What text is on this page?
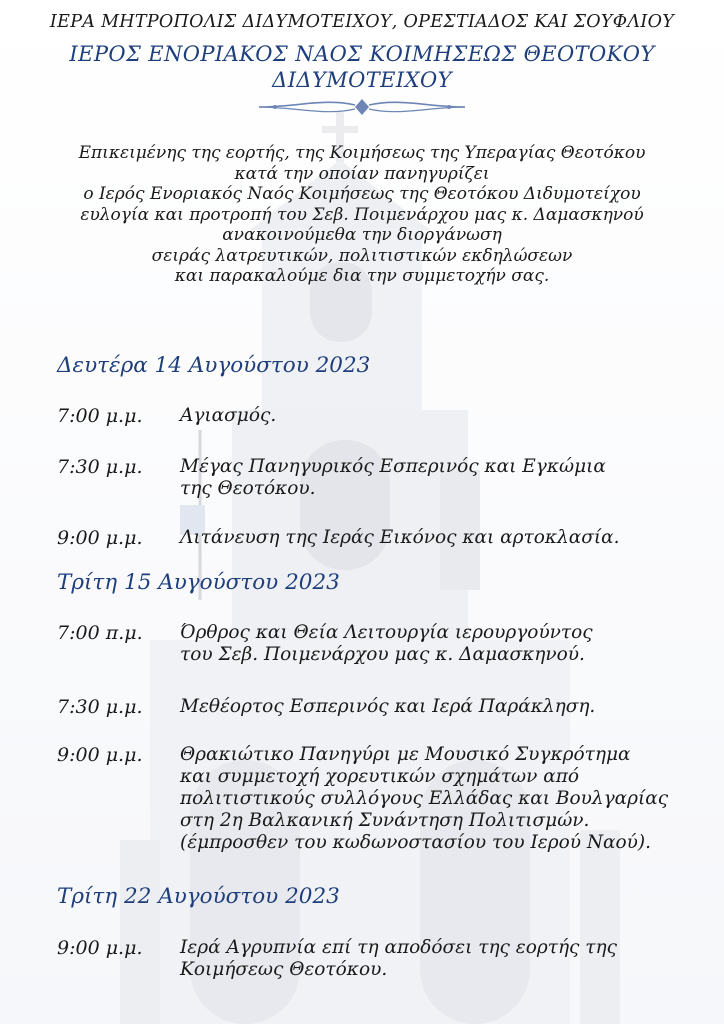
ΙΕΡΑ ΜΗΤΡΟΠΟΛΙΣ ΔΙΔΥΜΟΤΕΙΧΟΥ, ΟΡΕΣΤΙΑΔΟΣ ΚΑΙ ΣΟΥΦΛΙΟΥ
ΙΕΡΟΣ ΕΝΟΡΙΑΚΟΣ ΝΑΟΣ ΚΟΙΜΗΣΕΩΣ ΘΕΟΤΟΚΟΥ
ΔΙΔΥΜΟΤΕΙΧΟΥ
Επικειμένης της εορτής, της Κοιμήσεως της Υπεραγίας Θεοτόκου
κατά την οποίαν πανηγυρίζει
ο Ιερός Ενοριακός Ναός Κοιμήσεως της Θεοτόκου Διδυμοτείχου
ευλογία και προτροπή του Σεβ. Ποιμενάρχου μας κ. Δαμασκηνού
ανακοινούμεθα την διοργάνωση
σειράς λατρευτικών, πολιτιστικών εκδηλώσεων
και παρακαλούμε δια την συμμετοχήν σας.
Δευτέρα 14 Αυγούστου 2023
7:00 μ.μ. Αγιασμός.
7:30 μ.μ. Μέγας Πανηγυρικός Εσπερινός και Εγκώμια
της Θεοτόκου.
9:00 μ.μ. Λιτάνευση της Ιεράς Εικόνος και αρτοκλασία.
Τρίτη 15 Αυγούστου 2023
7:00 π.μ. Όρθρος και Θεία Λειτουργία ιερουργούντος
του Σεβ. Ποιμενάρχου μας κ. Δαμασκηνού.
7:30 μ.μ. Μεθέορτος Εσπερινός και Ιερά Παράκληση.
9:00 μ.μ. Θρακιώτικο Πανηγύρι με Μουσικό Συγκρότημα
και συμμετοχή χορευτικών σχημάτων από
πολιτιστικούς συλλόγους Ελλάδας και Βουλγαρίας
στη 2η Βαλκανική Συνάντηση Πολιτισμών.
(έμπροσθεν του κωδωνοστασίου του Ιερού Ναού).
Τρίτη 22 Αυγούστου 2023
9:00 μ.μ. Ιερά Αγρυπνία επί τη αποδόσει της εορτής της
Κοιμήσεως Θεοτόκου.
